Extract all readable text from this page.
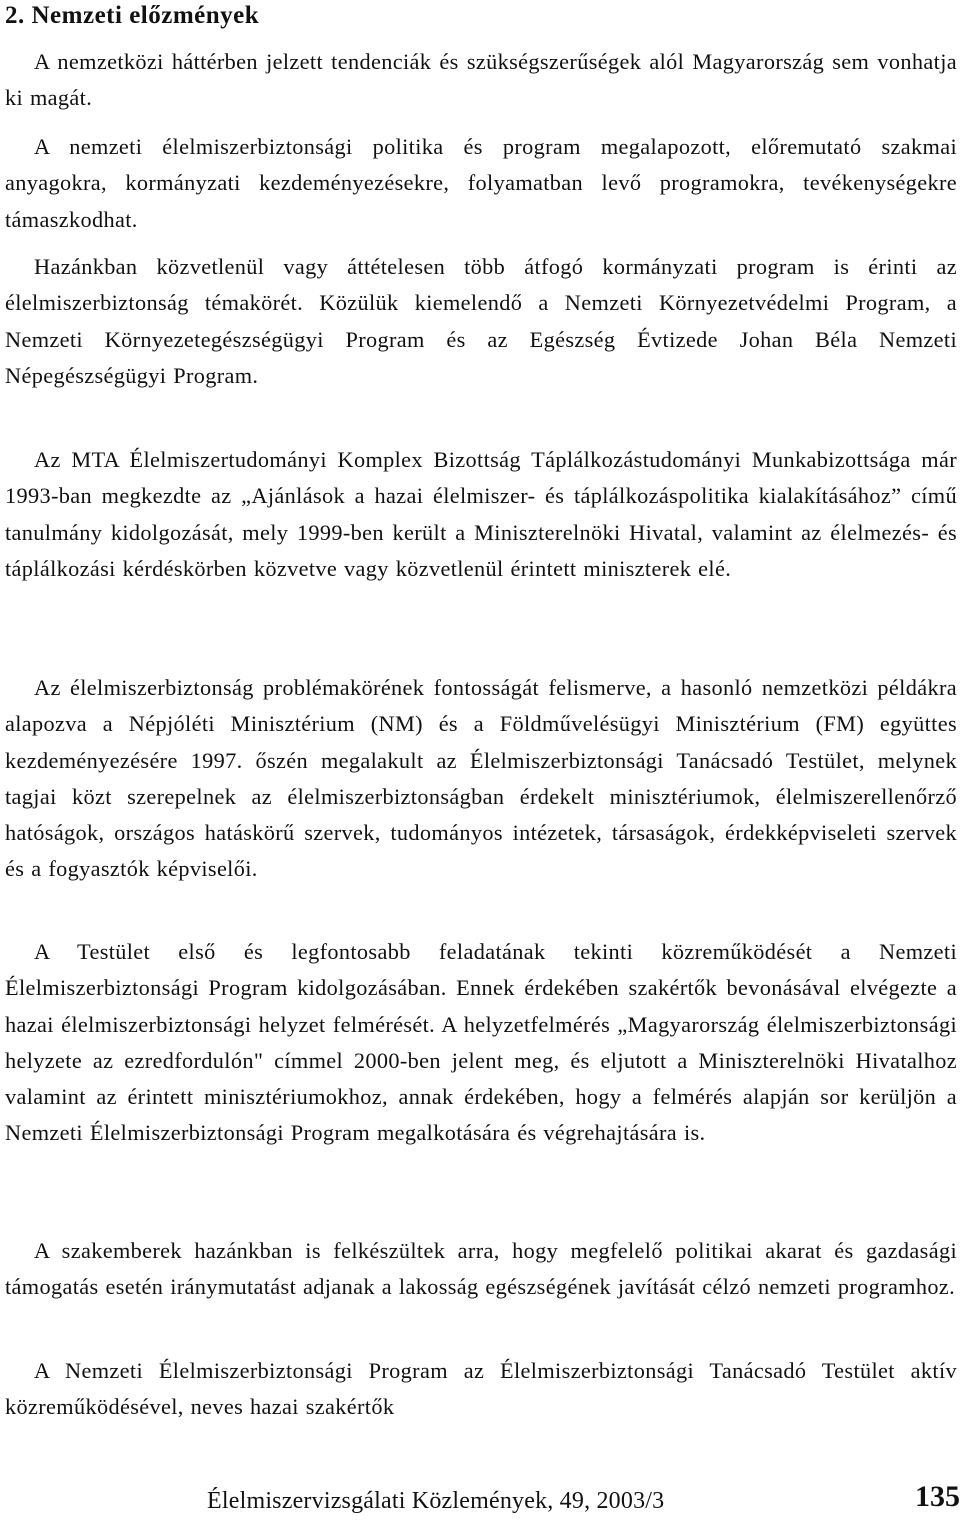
2. Nemzeti előzmények

A nemzetközi háttérben jelzett tendenciák és szükségszerűségek alól Magyarország sem vonhatja ki magát.

A nemzeti élelmiszerbiztonsági politika és program megalapozott, előremutató szakmai anyagokra, kormányzati kezdeményezésekre, folyamatban levő programokra, tevékenységekre támaszkodhat.

Hazánkban közvetlenül vagy áttételesen több átfogó kormányzati program is érinti az élelmiszerbiztonság témakörét. Közülük kiemelendő a Nemzeti Környezetvédelmi Program, a Nemzeti Környezetegészségügyi Program és az Egészség Évtizede Johan Béla Nemzeti Népegészségügyi Program.

Az MTA Élelmiszertudományi Komplex Bizottság Táplálkozástudományi Munkabizottsága már 1993-ban megkezdte az „Ajánlások a hazai élelmiszer- és táplálkozáspolitika kialakításához” című tanulmány kidolgozását, mely 1999-ben került a Miniszterelnöki Hivatal, valamint az élelmezés- és táplálkozási kérdéskörben közvetve vagy közvetlenül érintett miniszterek elé.

Az élelmiszerbiztonság problémakörének fontosságát felismerve, a hasonló nemzetközi példákra alapozva a Népjóléti Minisztérium (NM) és a Földművelésügyi Minisztérium (FM) együttes kezdeményezésére 1997. őszén megalakult az Élelmiszerbiztonsági Tanácsadó Testület, melynek tagjai közt szerepelnek az élelmiszerbiztonságban érdekelt minisztériumok, élelmiszerellenőrző hatóságok, országos hatáskörű szervek, tudományos intézetek, társaságok, érdekképviseleti szervek és a fogyasztók képviselői.

A Testület első és legfontosabb feladatának tekinti közreműködését a Nemzeti Élelmiszerbiztonsági Program kidolgozásában. Ennek érdekében szakértők bevonásával elvégezte a hazai élelmiszerbiztonsági helyzet felmérését. A helyzetfelmérés „Magyarország élelmiszerbiztonsági helyzete az ezredfordulón" címmel 2000-ben jelent meg, és eljutott a Miniszterelnöki Hivatalhoz valamint az érintett minisztériumokhoz, annak érdekében, hogy a felmérés alapján sor kerüljön a Nemzeti Élelmiszerbiztonsági Program megalkotására és végrehajtására is.

A szakemberek hazánkban is felkészültek arra, hogy megfelelő politikai akarat és gazdasági támogatás esetén iránymutatást adjanak a lakosság egészségének javítását célzó nemzeti programhoz.

A Nemzeti Élelmiszerbiztonsági Program az Élelmiszerbiztonsági Tanácsadó Testület aktív közreműködésével, neves hazai szakértők

Élelmiszervizsgálati Közlemények, 49, 2003/3	135
